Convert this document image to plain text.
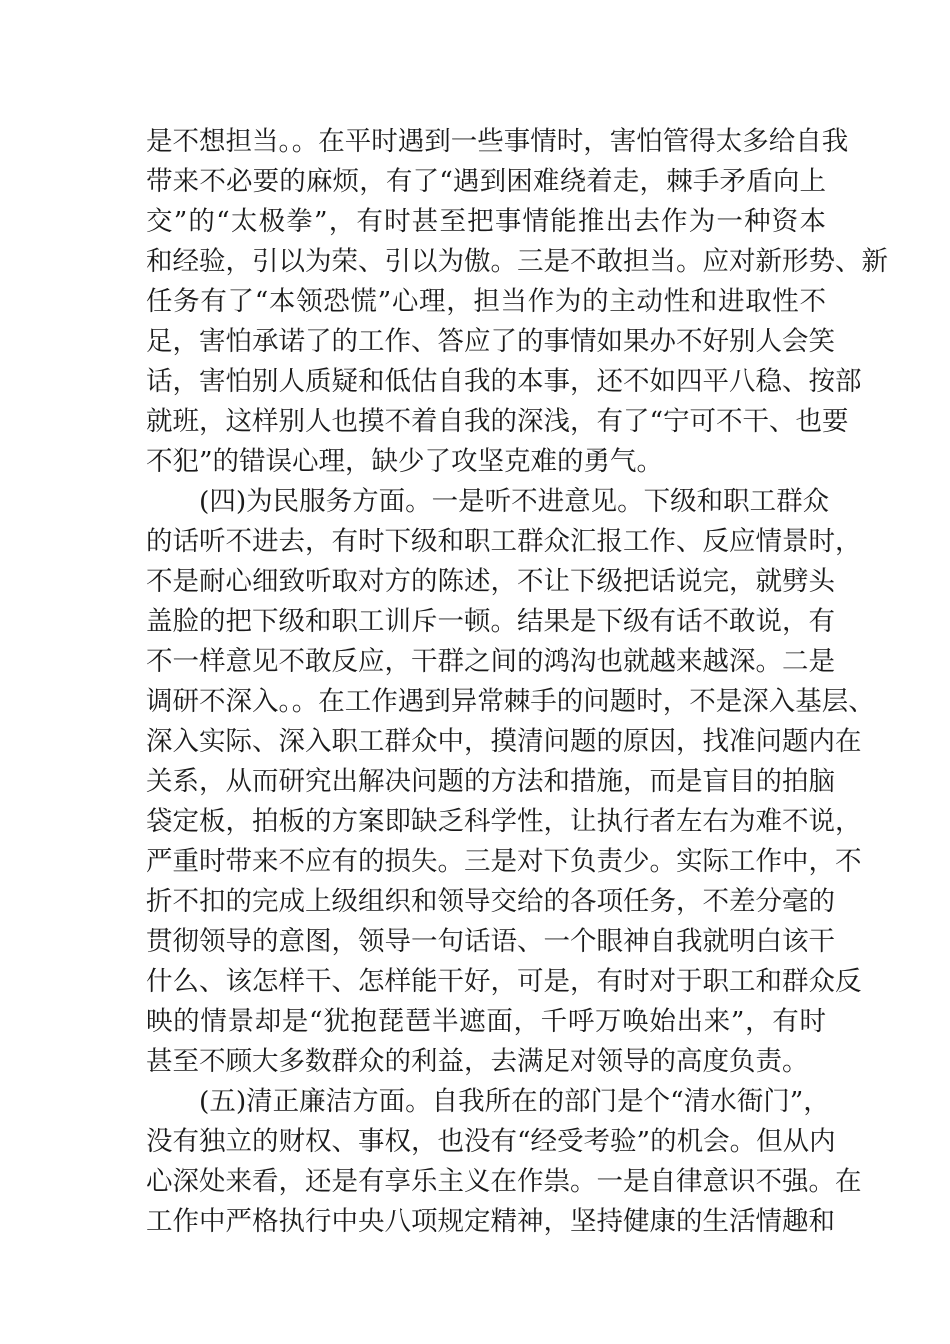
是不想担当。。在平时遇到一些事情时，害怕管得太多给自我
带来不必要的麻烦，有了“遇到困难绕着走，棘手矛盾向上
交”的“太极拳”，有时甚至把事情能推出去作为一种资本
和经验，引以为荣、引以为傲。三是不敢担当。应对新形势、新
任务有了“本领恐慌”心理，担当作为的主动性和进取性不
足，害怕承诺了的工作、答应了的事情如果办不好别人会笑
话，害怕别人质疑和低估自我的本事，还不如四平八稳、按部
就班，这样别人也摸不着自我的深浅，有了“宁可不干、也要
不犯”的错误心理，缺少了攻坚克难的勇气。
(四)为民服务方面。一是听不进意见。下级和职工群众
的话听不进去，有时下级和职工群众汇报工作、反应情景时，
不是耐心细致听取对方的陈述，不让下级把话说完，就劈头
盖脸的把下级和职工训斥一顿。结果是下级有话不敢说，有
不一样意见不敢反应，干群之间的鸿沟也就越来越深。二是
调研不深入。。在工作遇到异常棘手的问题时，不是深入基层、
深入实际、深入职工群众中，摸清问题的原因，找准问题内在
关系，从而研究出解决问题的方法和措施，而是盲目的拍脑
袋定板，拍板的方案即缺乏科学性，让执行者左右为难不说，
严重时带来不应有的损失。三是对下负责少。实际工作中，不
折不扣的完成上级组织和领导交给的各项任务，不差分毫的
贯彻领导的意图，领导一句话语、一个眼神自我就明白该干
什么、该怎样干、怎样能干好，可是，有时对于职工和群众反
映的情景却是“犹抱琵琶半遮面，千呼万唤始出来”，有时
甚至不顾大多数群众的利益，去满足对领导的高度负责。
(五)清正廉洁方面。自我所在的部门是个“清水衙门”，
没有独立的财权、事权，也没有“经受考验”的机会。但从内
心深处来看，还是有享乐主义在作祟。一是自律意识不强。在
工作中严格执行中央八项规定精神，坚持健康的生活情趣和
